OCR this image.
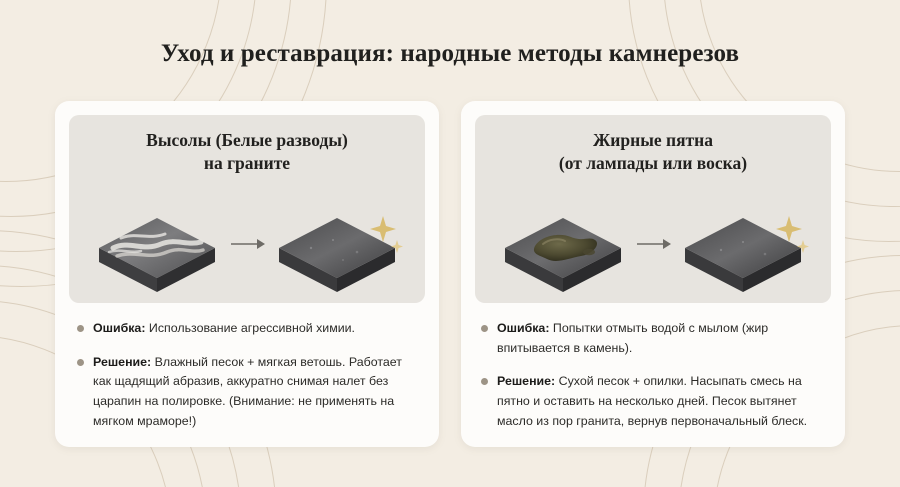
Уход и реставрация: народные методы камнерезов
Высолы (Белые разводы)
на граните
Ошибка: Использование агрессивной химии.
Решение: Влажный песок + мягкая ветошь. Работает как щадящий абразив, аккуратно снимая налет без царапин на полировке. (Внимание: не применять на мягком мраморе!)
Жирные пятна
(от лампады или воска)
Ошибка: Попытки отмыть водой с мылом (жир впитывается в камень).
Решение: Сухой песок + опилки. Насыпать смесь на пятно и оставить на несколько дней. Песок вытянет масло из пор гранита, вернув первоначальный блеск.
